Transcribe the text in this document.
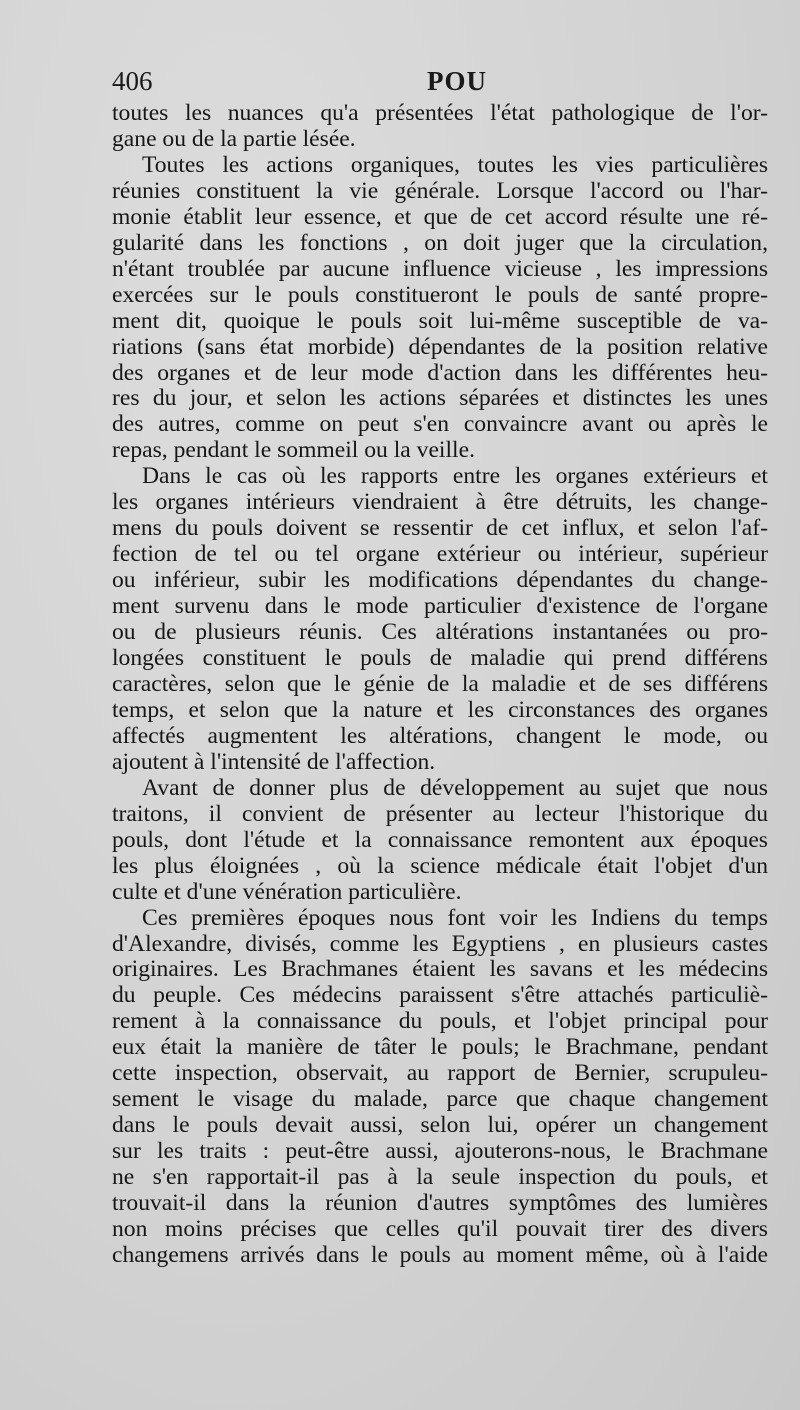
406	POU
toutes les nuances qu'a présentées l'état pathologique de l'or-
gane ou de la partie lésée.
Toutes les actions organiques, toutes les vies particulières
réunies constituent la vie générale. Lorsque l'accord ou l'har-
monie établit leur essence, et que de cet accord résulte une ré-
gularité dans les fonctions , on doit juger que la circulation,
n'étant troublée par aucune influence vicieuse , les impressions
exercées sur le pouls constitueront le pouls de santé propre-
ment dit, quoique le pouls soit lui-même susceptible de va-
riations (sans état morbide) dépendantes de la position relative
des organes et de leur mode d'action dans les différentes heu-
res du jour, et selon les actions séparées et distinctes les unes
des autres, comme on peut s'en convaincre avant ou après le
repas, pendant le sommeil ou la veille.
Dans le cas où les rapports entre les organes extérieurs et
les organes intérieurs viendraient à être détruits, les change-
mens du pouls doivent se ressentir de cet influx, et selon l'af-
fection de tel ou tel organe extérieur ou intérieur, supérieur
ou inférieur, subir les modifications dépendantes du change-
ment survenu dans le mode particulier d'existence de l'organe
ou de plusieurs réunis. Ces altérations instantanées ou pro-
longées constituent le pouls de maladie qui prend différens
caractères, selon que le génie de la maladie et de ses différens
temps, et selon que la nature et les circonstances des organes
affectés augmentent les altérations, changent le mode, ou
ajoutent à l'intensité de l'affection.
Avant de donner plus de développement au sujet que nous
traitons, il convient de présenter au lecteur l'historique du
pouls, dont l'étude et la connaissance remontent aux époques
les plus éloignées , où la science médicale était l'objet d'un
culte et d'une vénération particulière.
Ces premières époques nous font voir les Indiens du temps
d'Alexandre, divisés, comme les Egyptiens , en plusieurs castes
originaires. Les Brachmanes étaient les savans et les médecins
du peuple. Ces médecins paraissent s'être attachés particuliè-
rement à la connaissance du pouls, et l'objet principal pour
eux était la manière de tâter le pouls; le Brachmane, pendant
cette inspection, observait, au rapport de Bernier, scrupuleu-
sement le visage du malade, parce que chaque changement
dans le pouls devait aussi, selon lui, opérer un changement
sur les traits : peut-être aussi, ajouterons-nous, le Brachmane
ne s'en rapportait-il pas à la seule inspection du pouls, et
trouvait-il dans la réunion d'autres symptômes des lumières
non moins précises que celles qu'il pouvait tirer des divers
changemens arrivés dans le pouls au moment même, où à l'aide
